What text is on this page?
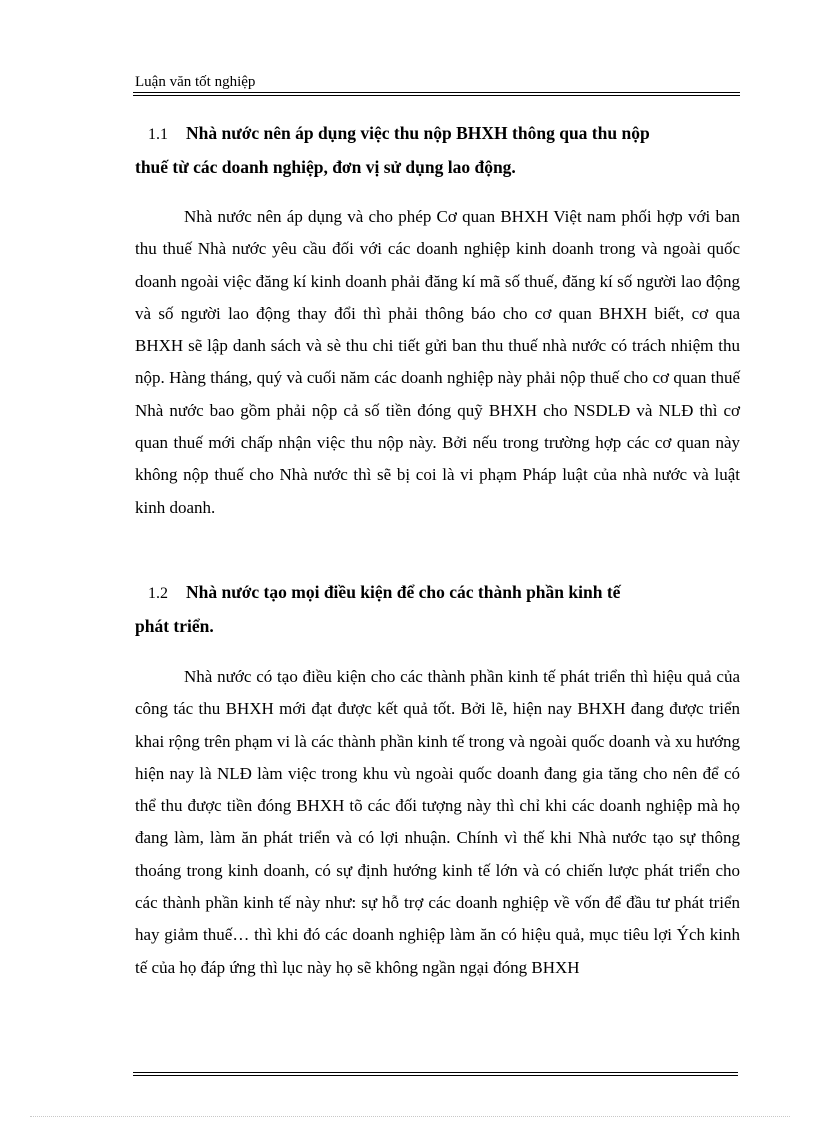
Luận văn tốt nghiệp
1.1 Nhà nước nên áp dụng việc thu nộp BHXH thông qua thu nộp
thuế từ các doanh nghiệp, đơn vị sử dụng lao động.

Nhà nước nên áp dụng và cho phép Cơ quan BHXH Việt nam phối hợp với ban thu thuế Nhà nước yêu cầu đối với các doanh nghiệp kinh doanh trong và ngoài quốc doanh ngoài việc đăng kí kinh doanh phải đăng kí mã số thuế, đăng kí số người lao động và số người lao động thay đổi thì phải thông báo cho cơ quan BHXH biết, cơ qua BHXH sẽ lập danh sách và sè thu chi tiết gửi ban thu thuế nhà nước có trách nhiệm thu nộp. Hàng tháng, quý và cuối năm các doanh nghiệp này phải nộp thuế cho cơ quan thuế Nhà nước bao gồm phải nộp cả số tiền đóng quỹ BHXH cho NSDLĐ và NLĐ thì cơ quan thuế mới chấp nhận việc thu nộp này. Bởi nếu trong trường hợp các cơ quan này không nộp thuế cho Nhà nước thì sẽ bị coi là vi phạm Pháp luật của nhà nước và luật kinh doanh.

1.2 Nhà nước tạo mọi điều kiện để cho các thành phần kinh tế
phát triển.

Nhà nước có tạo điều kiện cho các thành phần kinh tế phát triển thì hiệu quả của công tác thu BHXH mới đạt được kết quả tốt. Bởi lẽ, hiện nay BHXH đang được triển khai rộng trên phạm vi là các thành phần kinh tế trong và ngoài quốc doanh và xu hướng hiện nay là NLĐ làm việc trong khu vù ngoài quốc doanh đang gia tăng cho nên để có thể thu được tiền đóng BHXH tõ các đối tượng này thì chỉ khi các doanh nghiệp mà họ đang làm, làm ăn phát triển và có lợi nhuận. Chính vì thế khi Nhà nước tạo sự thông thoáng trong kinh doanh, có sự định hướng kinh tế lớn và có chiến lược phát triển cho các thành phần kinh tế này như: sự hỗ trợ các doanh nghiệp về vốn để đầu tư phát triển hay giảm thuế… thì khi đó các doanh nghiệp làm ăn có hiệu quả, mục tiêu lợi Ých kinh tế của họ đáp ứng thì lục này họ sẽ không ngần ngại đóng BHXH
